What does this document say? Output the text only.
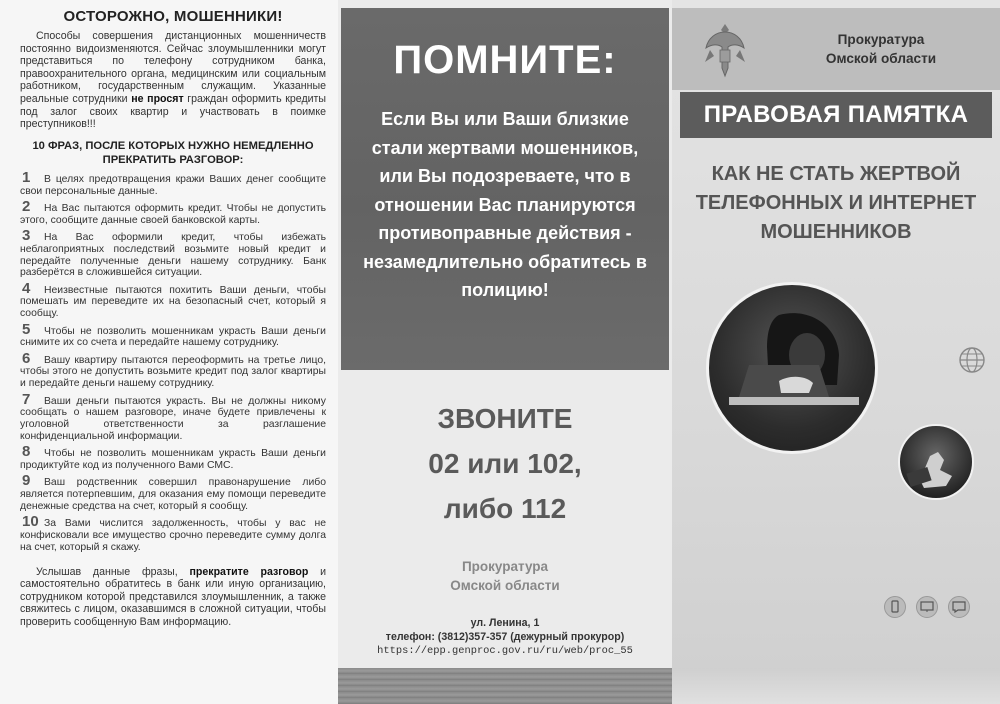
ОСТОРОЖНО, МОШЕННИКИ!

Способы совершения дистанционных мошенничеств постоянно видоизменяются. Сейчас злоумышленники могут представиться по телефону сотрудником банка, правоохранительного органа, медицинским или социальным работником, государственным служащим. Указанные реальные сотрудники не просят граждан оформить кредиты под залог своих квартир и участвовать в поимке преступников!!!

10 ФРАЗ, ПОСЛЕ КОТОРЫХ НУЖНО НЕМЕДЛЕННО ПРЕКРАТИТЬ РАЗГОВОР:
1 В целях предотвращения кражи Ваших денег сообщите свои персональные данные.
2 На Вас пытаются оформить кредит. Чтобы не допустить этого, сообщите данные своей банковской карты.
3 На Вас оформили кредит, чтобы избежать неблагоприятных последствий возьмите новый кредит и передайте полученные деньги нашему сотруднику. Банк разберётся в сложившейся ситуации.
4 Неизвестные пытаются похитить Ваши деньги, чтобы помешать им переведите их на безопасный счет, который я сообщу.
5 Чтобы не позволить мошенникам украсть Ваши деньги снимите их со счета и передайте нашему сотруднику.
6 Вашу квартиру пытаются переоформить на третье лицо, чтобы этого не допустить возьмите кредит под залог квартиры и передайте деньги нашему сотруднику.
7 Ваши деньги пытаются украсть. Вы не должны никому сообщать о нашем разговоре, иначе будете привлечены к уголовной ответственности за разглашение конфиденциальной информации.
8 Чтобы не позволить мошенникам украсть Ваши деньги продиктуйте код из полученного Вами СМС.
9 Ваш родственник совершил правонарушение либо является потерпевшим, для оказания ему помощи переведите денежные средства на счет, который я сообщу.
10 За Вами числится задолженность, чтобы у вас не конфисковали все имущество срочно переведите сумму долга на счет, который я скажу.

Услышав данные фразы, прекратите разговор и самостоятельно обратитесь в банк или иную организацию, сотрудником которой представился злоумышленник, а также свяжитесь с лицом, оказавшимся в сложной ситуации, чтобы проверить сообщенную Вам информацию.

ПОМНИТЕ:
Если Вы или Ваши близкие стали жертвами мошенников, или Вы подозреваете, что в отношении Вас планируются противоправные действия - незамедлительно обратитесь в полицию!
ЗВОНИТЕ
02 или 102,
либо 112
Прокуратура
Омской области
ул. Ленина, 1
телефон: (3812)357-357 (дежурный прокурор)
https://epp.genproc.gov.ru/ru/web/proc_55
Прокуратура
Омской области
ПРАВОВАЯ ПАМЯТКА
КАК НЕ СТАТЬ ЖЕРТВОЙ
ТЕЛЕФОННЫХ И ИНТЕРНЕТ
МОШЕННИКОВ
